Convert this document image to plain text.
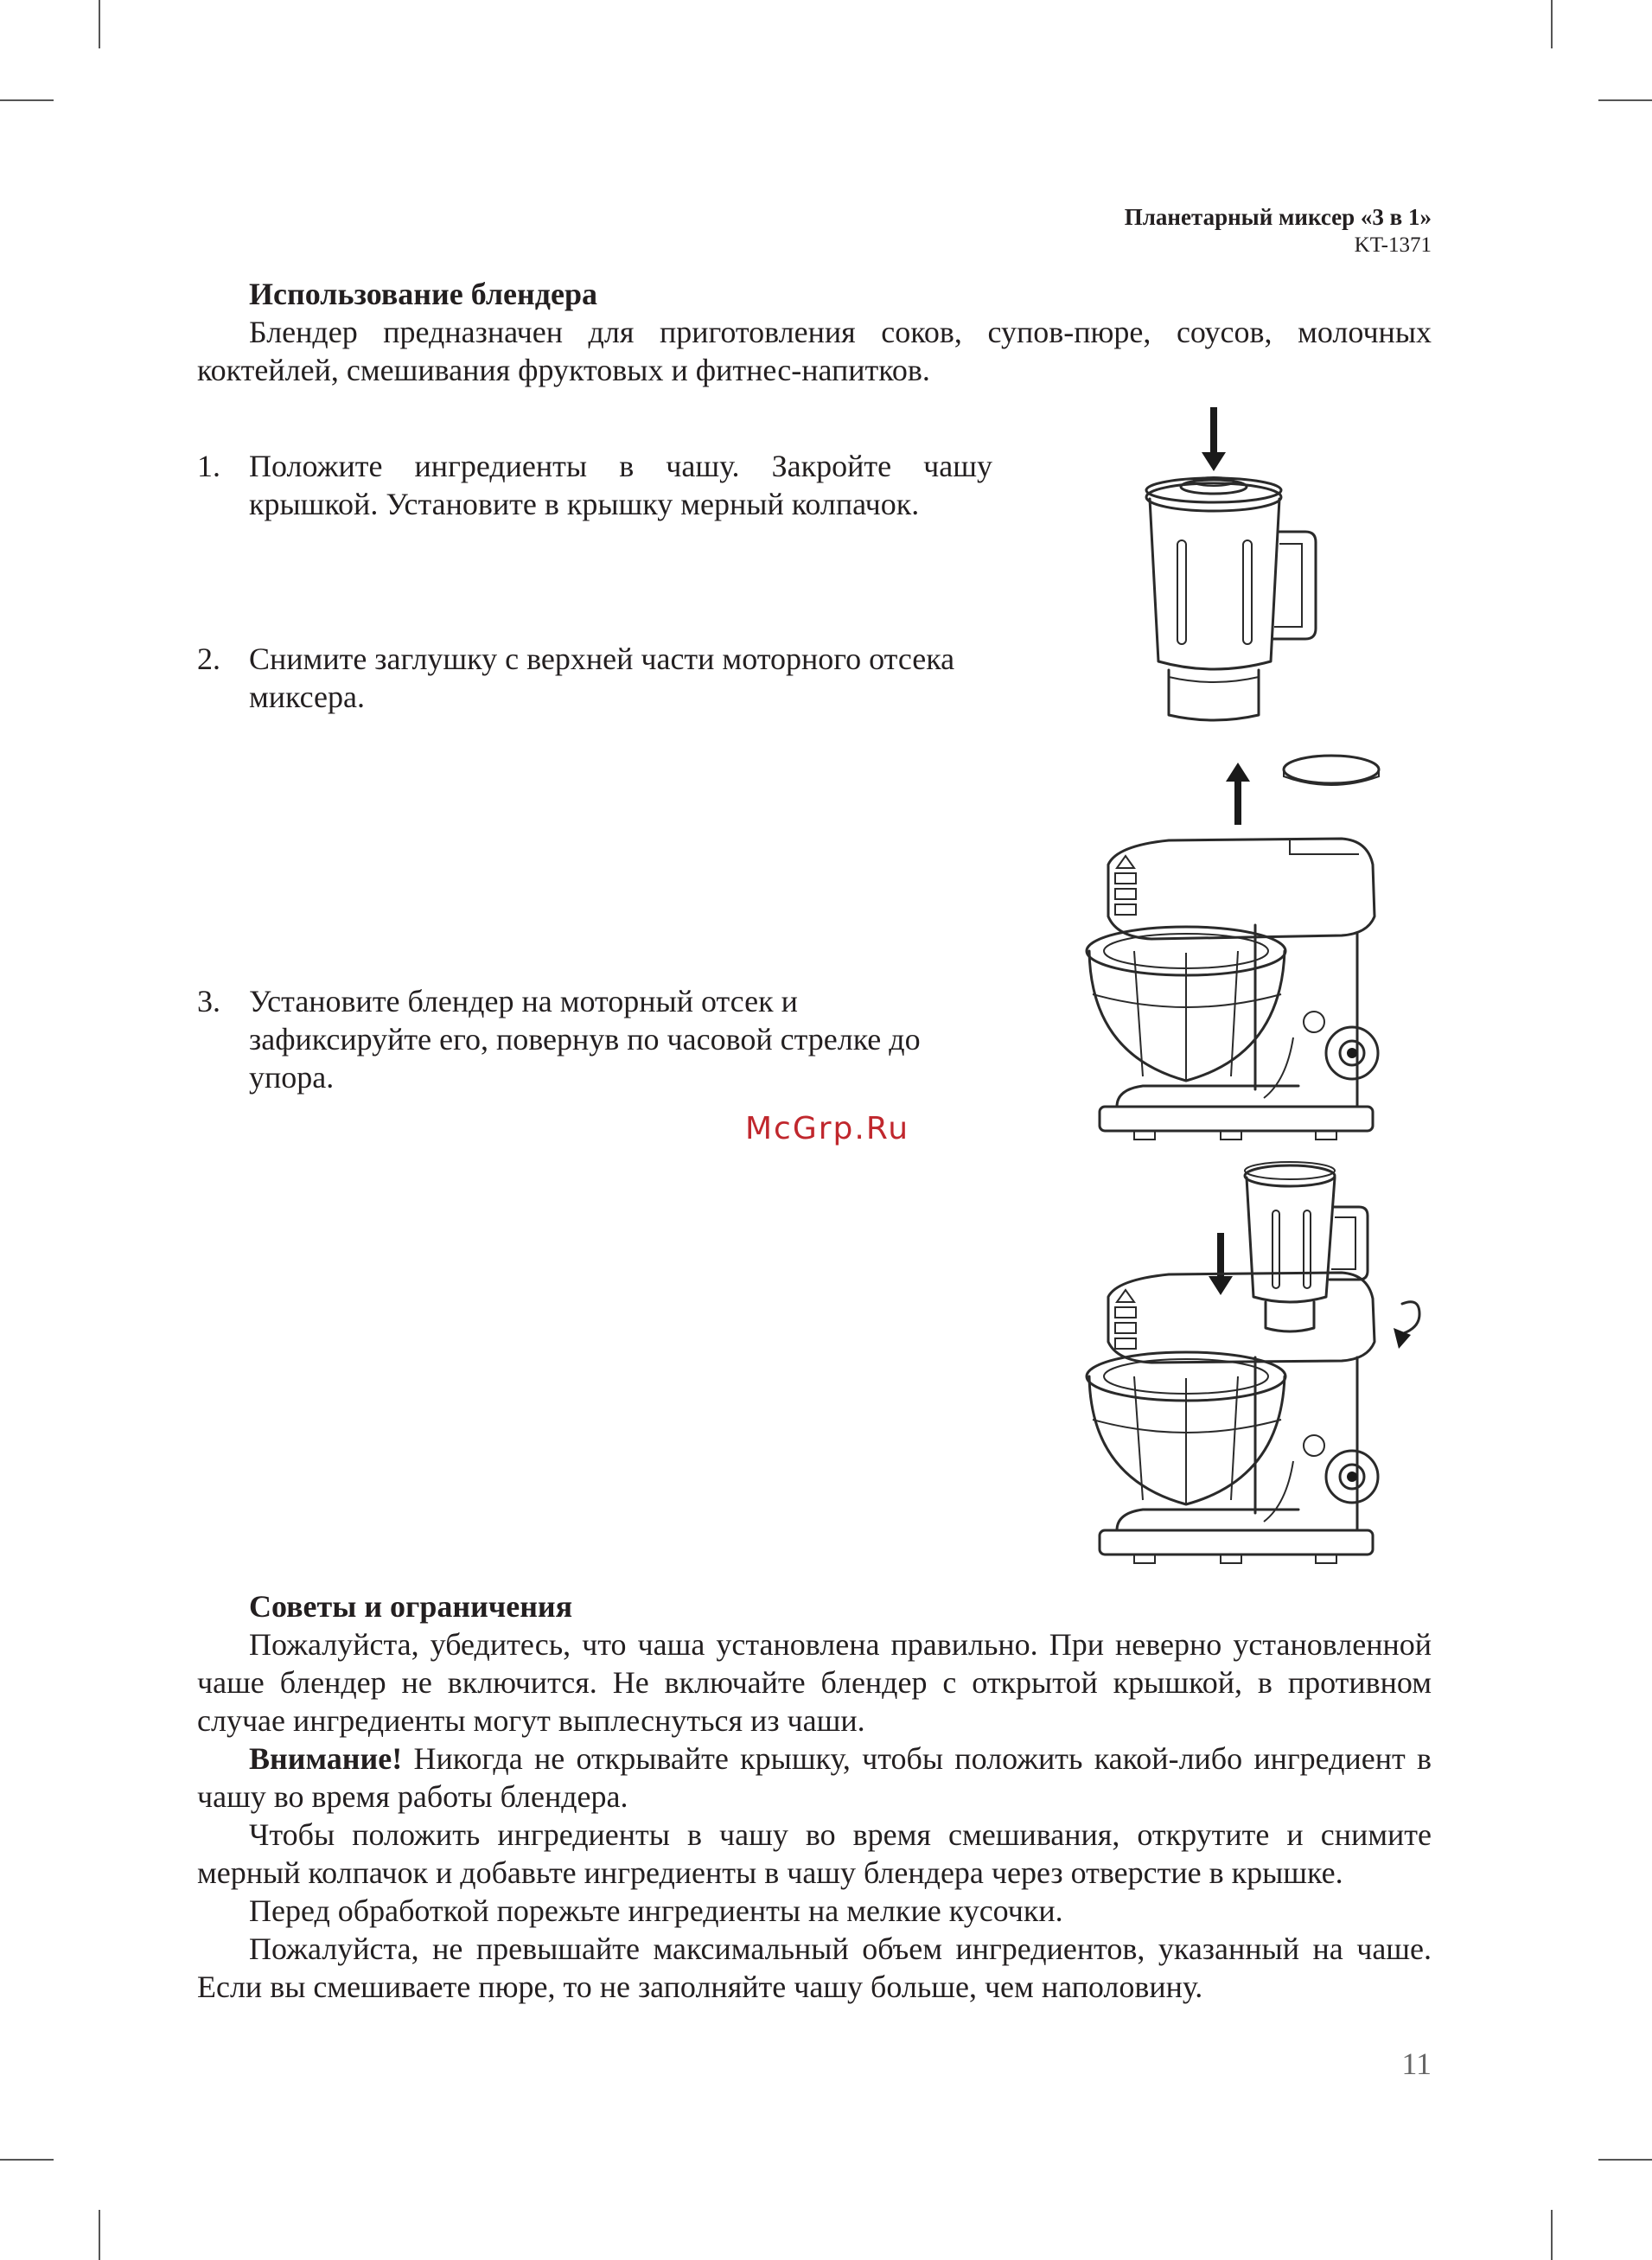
Планетарный миксер «3 в 1»
KT-1371
Использование блендера
Блендер предназначен для приготовления соков, супов-пюре, соусов, молочных коктейлей, смешивания фруктовых и фитнес-напитков.
1. Положите ингредиенты в чашу. Закройте чашу крышкой. Установите в крышку мерный колпачок.
2. Снимите заглушку с верхней части моторного отсека миксера.
3. Установите блендер на моторный отсек и зафиксируйте его, повернув по часовой стрелке до упора.
McGrp.Ru
Советы и ограничения
Пожалуйста, убедитесь, что чаша установлена правильно. При неверно установленной чаше блендер не включится. Не включайте блендер с открытой крышкой, в противном случае ингредиенты могут выплеснуться из чаши.
Внимание! Никогда не открывайте крышку, чтобы положить какой-либо ингредиент в чашу во время работы блендера.
Чтобы положить ингредиенты в чашу во время смешивания, открутите и снимите мерный колпачок и добавьте ингредиенты в чашу блендера через отверстие в крышке.
Перед обработкой порежьте ингредиенты на мелкие кусочки.
Пожалуйста, не превышайте максимальный объем ингредиентов, указанный на чаше. Если вы смешиваете пюре, то не заполняйте чашу больше, чем наполовину.
11
